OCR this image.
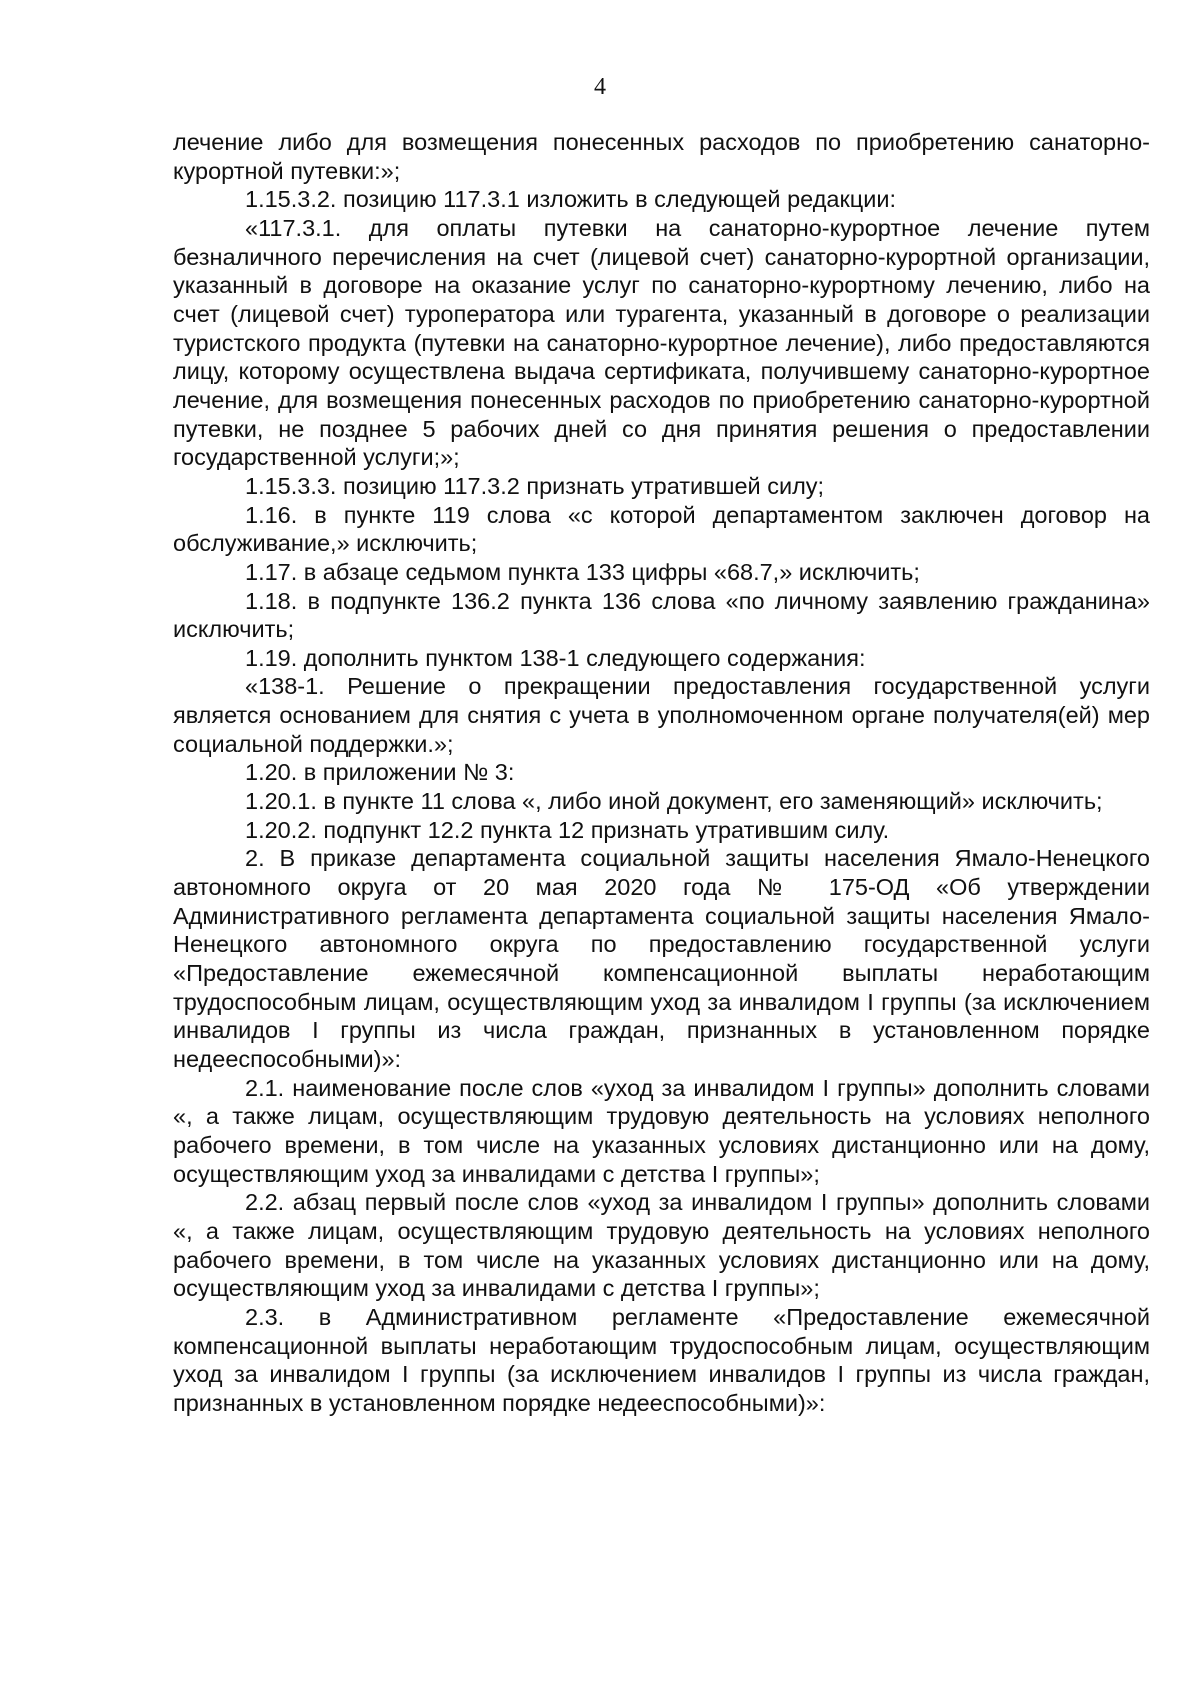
4

лечение либо для возмещения понесенных расходов по приобретению санаторно-курортной путевки:»;

1.15.3.2. позицию 117.3.1 изложить в следующей редакции:

«117.3.1. для оплаты путевки на санаторно-курортное лечение путем безналичного перечисления на счет (лицевой счет) санаторно-курортной организации, указанный в договоре на оказание услуг по санаторно-курортному лечению, либо на счет (лицевой счет) туроператора или турагента, указанный в договоре о реализации туристского продукта (путевки на санаторно-курортное лечение), либо предоставляются лицу, которому осуществлена выдача сертификата, получившему санаторно-курортное лечение, для возмещения понесенных расходов по приобретению санаторно-курортной путевки, не позднее 5 рабочих дней со дня принятия решения о предоставлении государственной услуги;»;

1.15.3.3. позицию 117.3.2 признать утратившей силу;

1.16. в пункте 119 слова «с которой департаментом заключен договор на обслуживание,» исключить;

1.17. в абзаце седьмом пункта 133 цифры «68.7,» исключить;

1.18. в подпункте 136.2 пункта 136 слова «по личному заявлению гражданина» исключить;

1.19. дополнить пунктом 138-1 следующего содержания:

«138-1. Решение о прекращении предоставления государственной услуги является основанием для снятия с учета в уполномоченном органе получателя(ей) мер социальной поддержки.»;

1.20. в приложении № 3:

1.20.1. в пункте 11 слова «, либо иной документ, его заменяющий» исключить;

1.20.2. подпункт 12.2 пункта 12 признать утратившим силу.

2. В приказе департамента социальной защиты населения Ямало-Ненецкого автономного округа от 20 мая 2020 года № 175-ОД «Об утверждении Административного регламента департамента социальной защиты населения Ямало-Ненецкого автономного округа по предоставлению государственной услуги «Предоставление ежемесячной компенсационной выплаты неработающим трудоспособным лицам, осуществляющим уход за инвалидом I группы (за исключением инвалидов I группы из числа граждан, признанных в установленном порядке недееспособными)»:

2.1. наименование после слов «уход за инвалидом I группы» дополнить словами «, а также лицам, осуществляющим трудовую деятельность на условиях неполного рабочего времени, в том числе на указанных условиях дистанционно или на дому, осуществляющим уход за инвалидами с детства I группы»;

2.2. абзац первый после слов «уход за инвалидом I группы» дополнить словами «, а также лицам, осуществляющим трудовую деятельность на условиях неполного рабочего времени, в том числе на указанных условиях дистанционно или на дому, осуществляющим уход за инвалидами с детства I группы»;

2.3. в Административном регламенте «Предоставление ежемесячной компенсационной выплаты неработающим трудоспособным лицам, осуществляющим уход за инвалидом I группы (за исключением инвалидов I группы из числа граждан, признанных в установленном порядке недееспособными)»:
